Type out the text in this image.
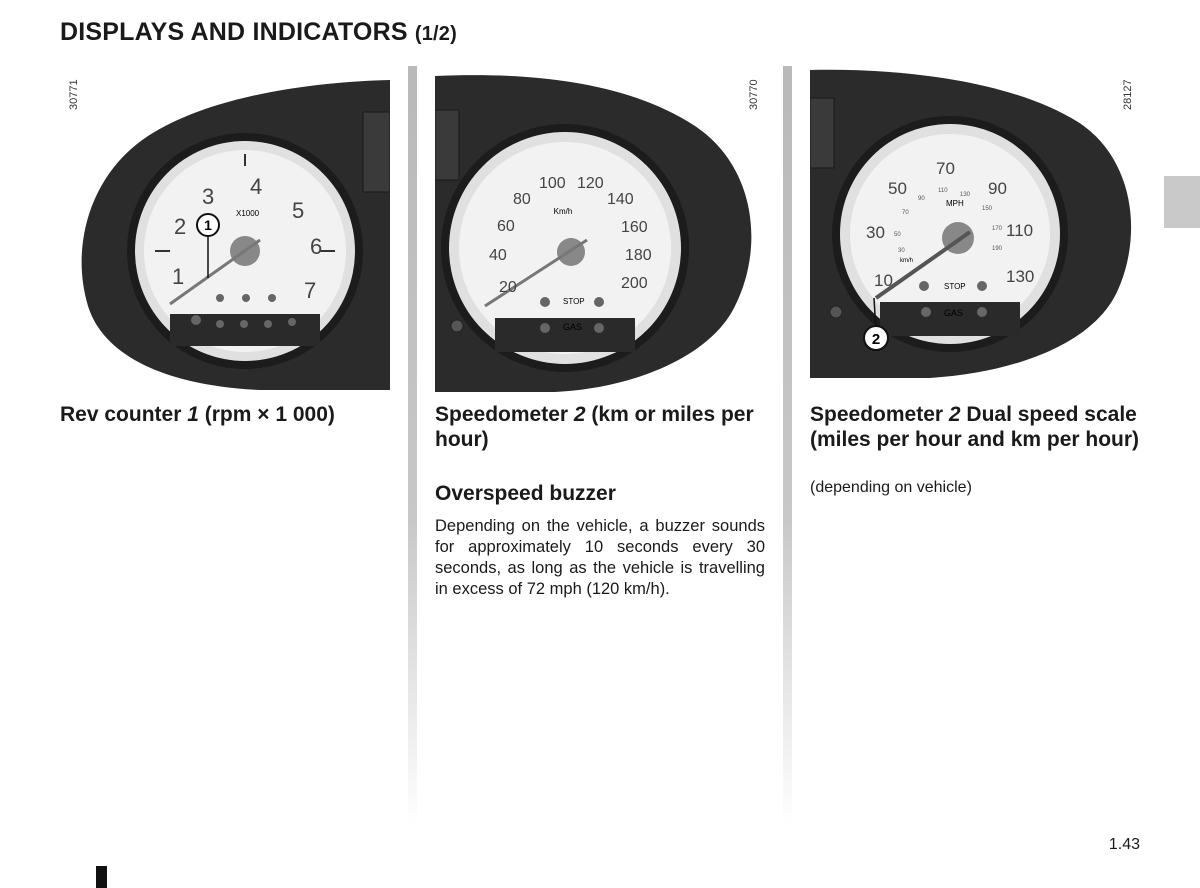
DISPLAYS AND INDICATORS (1/2)
1
X1000
1
2
3 4
5
6
7
30771
Km/h
20
40
60
80
100 120
140
160
180
200
STOP
GAS
30770
2
MPH
km/h
10
30
50
70
90
110
130
30
50
70
90
110
130
150
170
190
STOP
GAS
28127
Rev counter 1 (rpm × 1 000)	Speedometer 2 (km or miles per hour)
Speedometer 2 Dual speed scale (miles per hour and km per hour)
(depending on vehicle)
Overspeed buzzer
Depending on the vehicle, a buzzer sounds for approximately 10 seconds every 30 seconds, as long as the vehicle is travelling in excess of 72 mph (120 km/h).
1.43
